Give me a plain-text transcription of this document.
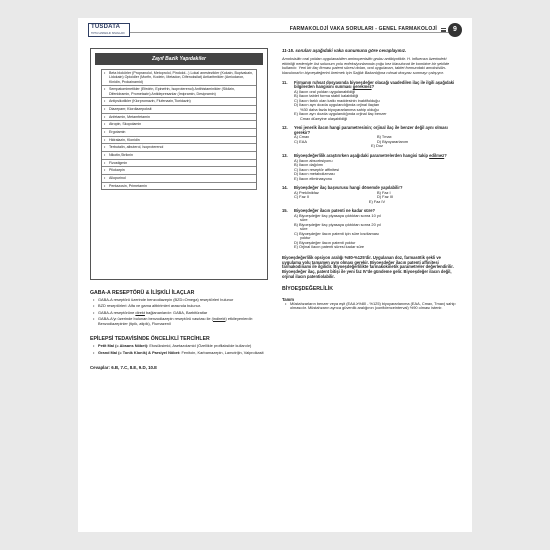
TUSDATA
TIPTA UZMANLIK SINAVLARI
FARMAKOLOJİ VAKA SORULARI - GENEL FARMAKOLOJİ	9
Zayıf Bazik Yapıdakiler
• Beta blokörler (Propranolol, Metoprolol, Pindolol...) Lokal anestezikler (Kokain, Bupivakain, Lidokain) Opioidler (Morfin, Kodein, Metadon, Difenoksilat) Antiaritmikler (Amiodaron, Kinidin, Prokainamid)
• Sempatomimetikler (Efedrin, Epinefrin, İsoproterenol) Antihistaminikler (Siklizin, Difenidramin, Prometazin) Antidepresanlar (İmipramin, Desipramin)
• Antipsikotikler (Klorpromazin, Flufenazin,Tioridazin)
• Diazepam; Klordiazepoksit
• Anfetamin, Metamfetamin
• Atropin, Skopolamin
• Ergotamin
• Hidralazin, Klonidin
• Terbutalin, albuterol, İsoproterenol
• Nikotin,Striknin
• Fizostigmin
• Pilokarpin
• Allopurinol
• Pentazosin, Primetamin
GABA-A RESEPTÖRÜ & İLİŞKİLİ İLAÇLAR
• GABA-A reseptörü üzerinde benzodiazepin (BZD=Omega) reseptörleri bulunur
• BZD reseptörleri: Alfa ve gama altbirimleri arasında bulunur.
• GABA-A reseptörüne direkt bağlananlardır: GABA, Barbitüratlar
• GABA-A'yı üzerinde bulunan benzodiazepin reseptörü vasıtası ile (indirekt) etkileyenlerdir: Benzodiazepinler (tipik, atipik), Flumazenil
EPİLEPSİ TEDAVİSİNDE ÖNCELİKLİ TERCİHLER
• Petit Mal (= Absans Nöbet): Etosüksimid, Asetazolamid (Özellikle profilaksiide kullanılır)
• Grand Mal (= Tonik Klonik) & Parsiyel Nöbet: Fenitoin, Karbamazepin, Lamotrijin, Valproikasit
Cevaplar: 6.B, 7.C, 8.E, 9.D, 10.E
11-15. soruları aşağıdaki vaka sunumuna göre cevaplayınız.
Amoksisilin oral yoldan uygulanabilen aminopenisilin grubu antibiyotiktir. H. influenza üzerindeki etkinliği nedeniyle üst solunum yolu enfeksiyonlarında çoğu kez klavulonat ile kombine bir şekilde kullanılır. Yeni bir ilaç firması patent süresi dolan, oral uygulanan, tablet formundaki amoksisilin-klavulonat'ın biyoeşdeğerini üretmek için Sağlık Bakanlığına ruhsat dosyası sunmayı çalışıyor.
11.	Firmanın ruhsat dosyasında biyoeşdeğer olacağı vaadedilen ilaç ile ilgili aşağıdaki bilgilerden hangisini sunması gerekmez?
A) İlacın oral yoldan uygulanabildiği
B) İlacın tablet forma stabil kalabildiği
C) İlacın farklı olan katkı maddesinin inaktifolduğu
D) İlacın ayrı dozda uygulandığında orjinal ilaçtan
%30 daha fazla biyoyararlanıma sahip olduğu
E) İlacın ayrı dozda uygulandığında orjinal ilaç benzer
Cmax düzeyine ulaşabildiği
12.	Yeni jenerik ilacın hangi parametresinin; orjinal ilaç ile benzer değil aynı olması gerekir?
A) Cmax	B) Tmax
C) EAA	D) Biyoyararlanım
E) Doz
13.	Biyoeşdeğerlilik araştırırken aşağıdaki parametrelerden hangisi takip edilmez?
A) İlacın absorbsiyonu
B) İlacın dağılımı
C) İlacın reseptör affinitesi
D) İlacın metabolizması
E) İlacın eliminasyonu
14.	Biyoeşdeğer ilaç başvurusu hangi dönemde yapılabilir?
A) Preklinikfaz	B) Faz I
C) Faz II	D) Faz III
E) Faz IV
15.	Biyoeşdeğer ilacın patenti ne kadar süre?
A) Biyoeşdeğer ilaç piyasaya çıktıktan sonra 10 yıl
süre
B) Biyoeşdeğer ilaç piyasaya çıktıktan sonra 20 yıl
süre
C) Biyoeşdeğer ilacın patenti için süre kısıtlaması
yoktur
D) Biyoeşdeğer ilacın patenti yoktur
E) Orjinal ilacın patenti süresi kadar süre
Biyoeşdeğerlilik opsiyon aralığı %80-%125'dir. Uygulanan doz, farmasötik şekli ve uygulama yolu tamamen aynı olması gerekir. Biyoeşdeğer ilacın patenti affinitesi farmakodinami ile ilgilidir. Biyoeşdeğerlilikte farmakokinetik parametreler değerlendirilir. Biyoeşdeğer ilaç, patent bitişi ile yeni faz IV'de gündeme gelir. Biyoeşdeğer ilacın değil, orjinal ilacın patentiolabilir.
BİYOEŞDEĞERLİLİK
Tanım
• Müstahzarların benzer veya eşit (EAA ≥%80 - %125) biyoyararlanıma (EAA, Cmax, Tmax) sahip olmasıdır. Müstahzarın ayrıca güvenlik aralığının (confidenceinterval) %90 olması istenir.
